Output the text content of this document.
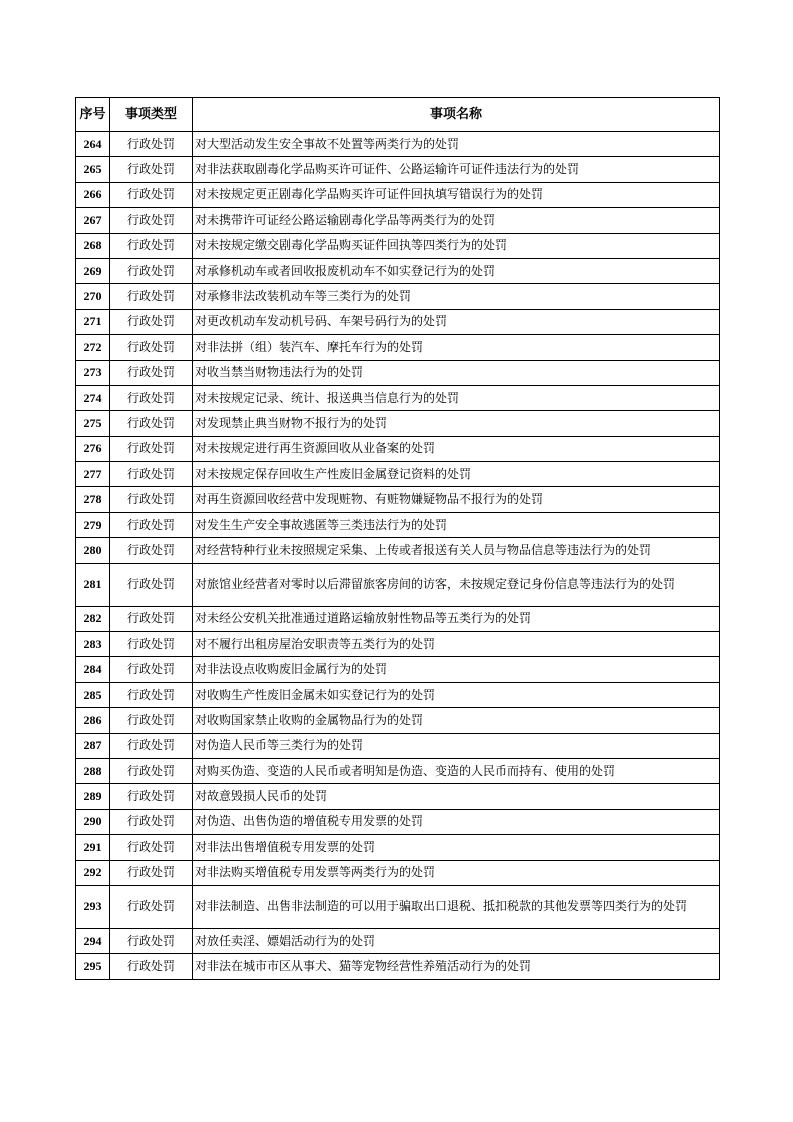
序号	事项类型	事项名称
264	行政处罚	对大型活动发生安全事故不处置等两类行为的处罚
265	行政处罚	对非法获取剧毒化学品购买许可证件、公路运输许可证件违法行为的处罚
266	行政处罚	对未按规定更正剧毒化学品购买许可证件回执填写错误行为的处罚
267	行政处罚	对未携带许可证经公路运输剧毒化学品等两类行为的处罚
268	行政处罚	对未按规定缴交剧毒化学品购买证件回执等四类行为的处罚
269	行政处罚	对承修机动车或者回收报废机动车不如实登记行为的处罚
270	行政处罚	对承修非法改装机动车等三类行为的处罚
271	行政处罚	对更改机动车发动机号码、车架号码行为的处罚
272	行政处罚	对非法拼（组）装汽车、摩托车行为的处罚
273	行政处罚	对收当禁当财物违法行为的处罚
274	行政处罚	对未按规定记录、统计、报送典当信息行为的处罚
275	行政处罚	对发现禁止典当财物不报行为的处罚
276	行政处罚	对未按规定进行再生资源回收从业备案的处罚
277	行政处罚	对未按规定保存回收生产性废旧金属登记资料的处罚
278	行政处罚	对再生资源回收经营中发现赃物、有赃物嫌疑物品不报行为的处罚
279	行政处罚	对发生生产安全事故逃匿等三类违法行为的处罚
280	行政处罚	对经营特种行业未按照规定采集、上传或者报送有关人员与物品信息等违法行为的处罚
281	行政处罚	对旅馆业经营者对零时以后滞留旅客房间的访客，未按规定登记身份信息等违法行为的处罚
282	行政处罚	对未经公安机关批准通过道路运输放射性物品等五类行为的处罚
283	行政处罚	对不履行出租房屋治安职责等五类行为的处罚
284	行政处罚	对非法设点收购废旧金属行为的处罚
285	行政处罚	对收购生产性废旧金属未如实登记行为的处罚
286	行政处罚	对收购国家禁止收购的金属物品行为的处罚
287	行政处罚	对伪造人民币等三类行为的处罚
288	行政处罚	对购买伪造、变造的人民币或者明知是伪造、变造的人民币而持有、使用的处罚
289	行政处罚	对故意毁损人民币的处罚
290	行政处罚	对伪造、出售伪造的增值税专用发票的处罚
291	行政处罚	对非法出售增值税专用发票的处罚
292	行政处罚	对非法购买增值税专用发票等两类行为的处罚
293	行政处罚	对非法制造、出售非法制造的可以用于骗取出口退税、抵扣税款的其他发票等四类行为的处罚
294	行政处罚	对放任卖淫、嫖娼活动行为的处罚
295	行政处罚	对非法在城市市区从事犬、猫等宠物经营性养殖活动行为的处罚
